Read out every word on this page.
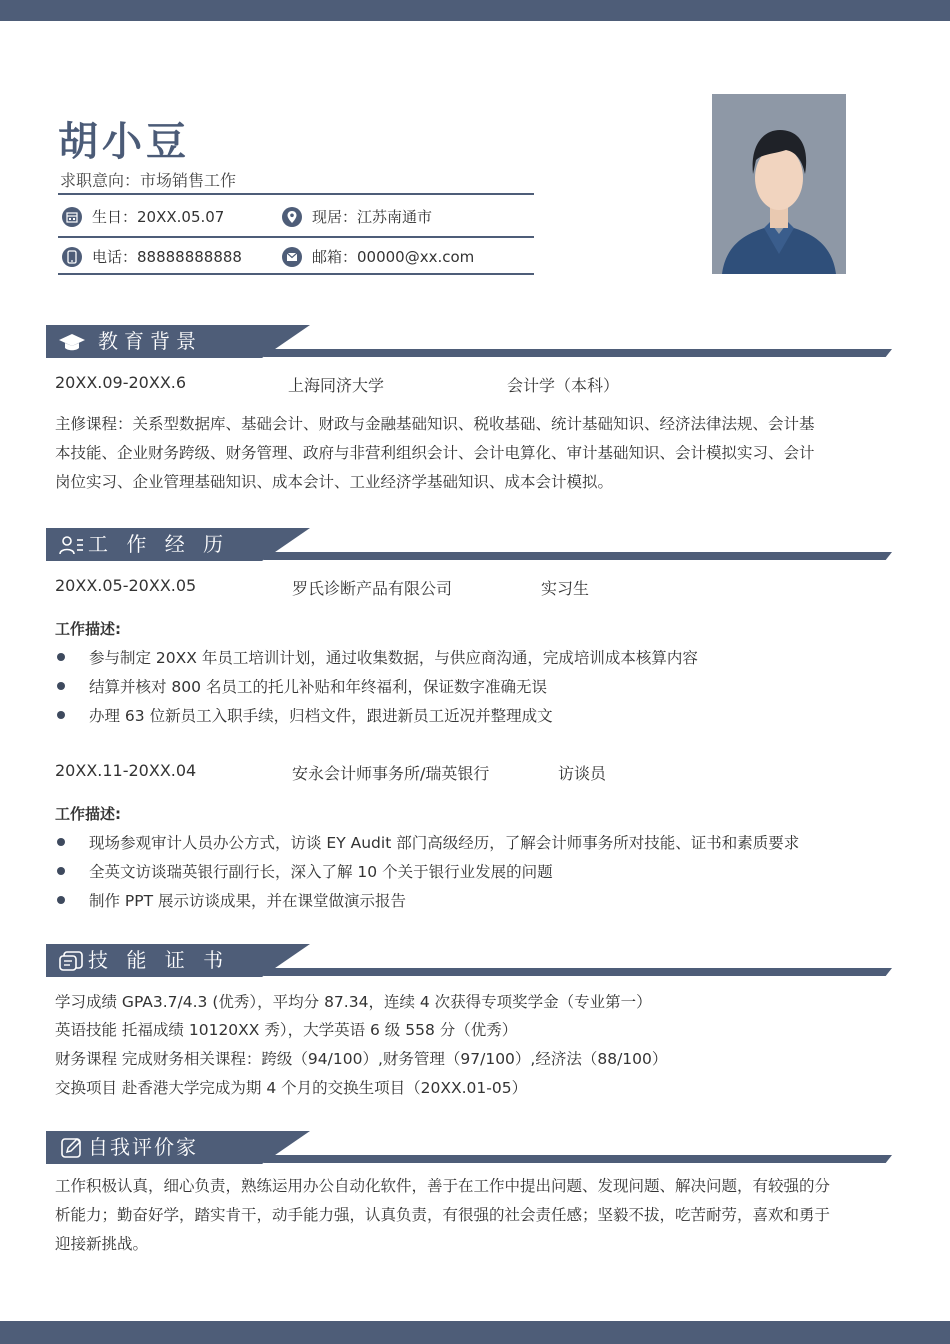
胡小豆
求职意向：市场销售工作
生日：20XX.05.07	现居：江苏南通市
电话：88888888888	邮箱：00000@xx.com
教育背景
20XX.09-20XX.6	上海同济大学	会计学（本科）
主修课程：关系型数据库、基础会计、财政与金融基础知识、税收基础、统计基础知识、经济法律法规、会计基
本技能、企业财务跨级、财务管理、政府与非营利组织会计、会计电算化、审计基础知识、会计模拟实习、会计
岗位实习、企业管理基础知识、成本会计、工业经济学基础知识、成本会计模拟。
工 作 经 历
20XX.05-20XX.05	罗氏诊断产品有限公司	实习生
工作描述:
参与制定 20XX 年员工培训计划，通过收集数据，与供应商沟通，完成培训成本核算内容
结算并核对 800 名员工的托儿补贴和年终福利，保证数字准确无误
办理 63 位新员工入职手续，归档文件，跟进新员工近况并整理成文
20XX.11-20XX.04	安永会计师事务所/瑞英银行	访谈员
工作描述:
现场参观审计人员办公方式，访谈 EY Audit 部门高级经历，了解会计师事务所对技能、证书和素质要求
全英文访谈瑞英银行副行长，深入了解 10 个关于银行业发展的问题
制作 PPT 展示访谈成果，并在课堂做演示报告
技 能 证 书
学习成绩 GPA3.7/4.3 (优秀），平均分 87.34，连续 4 次获得专项奖学金（专业第一）
英语技能 托福成绩 10120XX 秀），大学英语 6 级 558 分（优秀）
财务课程 完成财务相关课程：跨级（94/100）,财务管理（97/100）,经济法（88/100）
交换项目 赴香港大学完成为期 4 个月的交换生项目（20XX.01-05）
自我评价家
工作积极认真，细心负责，熟练运用办公自动化软件，善于在工作中提出问题、发现问题、解决问题，有较强的分
析能力；勤奋好学，踏实肯干，动手能力强，认真负责，有很强的社会责任感；坚毅不拔，吃苦耐劳，喜欢和勇于
迎接新挑战。
